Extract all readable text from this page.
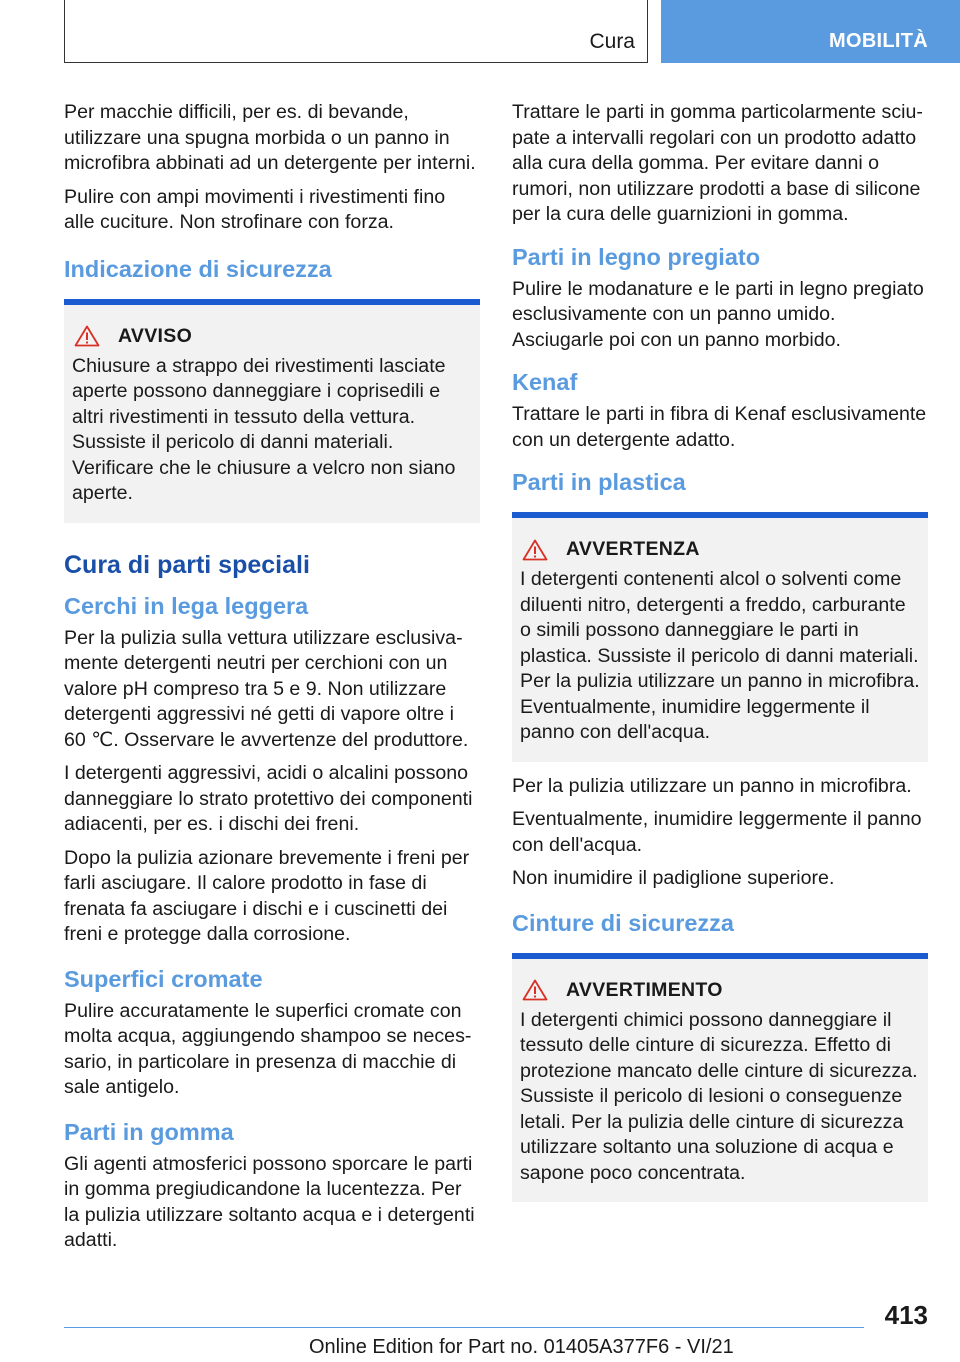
Cura	MOBILITÀ

Per macchie difficili, per es. di bevande, utilizzare una spugna morbida o un panno in microfibra abbinati ad un detergente per interni.

Pulire con ampi movimenti i rivestimenti fino alle cuciture. Non strofinare con forza.

Indicazione di sicurezza
AVVISO

Chiusure a strappo dei rivestimenti lasciate aperte possono danneggiare i coprisedili e altri rivestimenti in tessuto della vettura. Sussiste il pericolo di danni materiali. Verificare che le chiusure a velcro non siano aperte.

Cura di parti speciali
Cerchi in lega leggera

Per la pulizia sulla vettura utilizzare esclusivamente detergenti neutri per cerchioni con un valore pH compreso tra 5 e 9. Non utilizzare detergenti aggressivi né getti di vapore oltre i 60 ℃. Osservare le avvertenze del produttore.

I detergenti aggressivi, acidi o alcalini possono danneggiare lo strato protettivo dei componenti adiacenti, per es. i dischi dei freni.

Dopo la pulizia azionare brevemente i freni per farli asciugare. Il calore prodotto in fase di frenata fa asciugare i dischi e i cuscinetti dei freni e protegge dalla corrosione.

Superfici cromate

Pulire accuratamente le superfici cromate con molta acqua, aggiungendo shampoo se necessario, in particolare in presenza di macchie di sale antigelo.

Parti in gomma

Gli agenti atmosferici possono sporcare le parti in gomma pregiudicandone la lucentezza. Per la pulizia utilizzare soltanto acqua e i detergenti adatti.

Trattare le parti in gomma particolarmente sciupate a intervalli regolari con un prodotto adatto alla cura della gomma. Per evitare danni o rumori, non utilizzare prodotti a base di silicone per la cura delle guarnizioni in gomma.

Parti in legno pregiato

Pulire le modanature e le parti in legno pregiato esclusivamente con un panno umido. Asciugarle poi con un panno morbido.

Kenaf

Trattare le parti in fibra di Kenaf esclusivamente con un detergente adatto.

Parti in plastica
AVVERTENZA

I detergenti contenenti alcol o solventi come diluenti nitro, detergenti a freddo, carburante o simili possono danneggiare le parti in plastica. Sussiste il pericolo di danni materiali. Per la pulizia utilizzare un panno in microfibra. Eventualmente, inumidire leggermente il panno con dell'acqua.

Per la pulizia utilizzare un panno in microfibra.

Eventualmente, inumidire leggermente il panno con dell'acqua.

Non inumidire il padiglione superiore.

Cinture di sicurezza
AVVERTIMENTO

I detergenti chimici possono danneggiare il tessuto delle cinture di sicurezza. Effetto di protezione mancato delle cinture di sicurezza. Sussiste il pericolo di lesioni o conseguenze letali. Per la pulizia delle cinture di sicurezza utilizzare soltanto una soluzione di acqua e sapone poco concentrata.

413
Online Edition for Part no. 01405A377F6 - VI/21
